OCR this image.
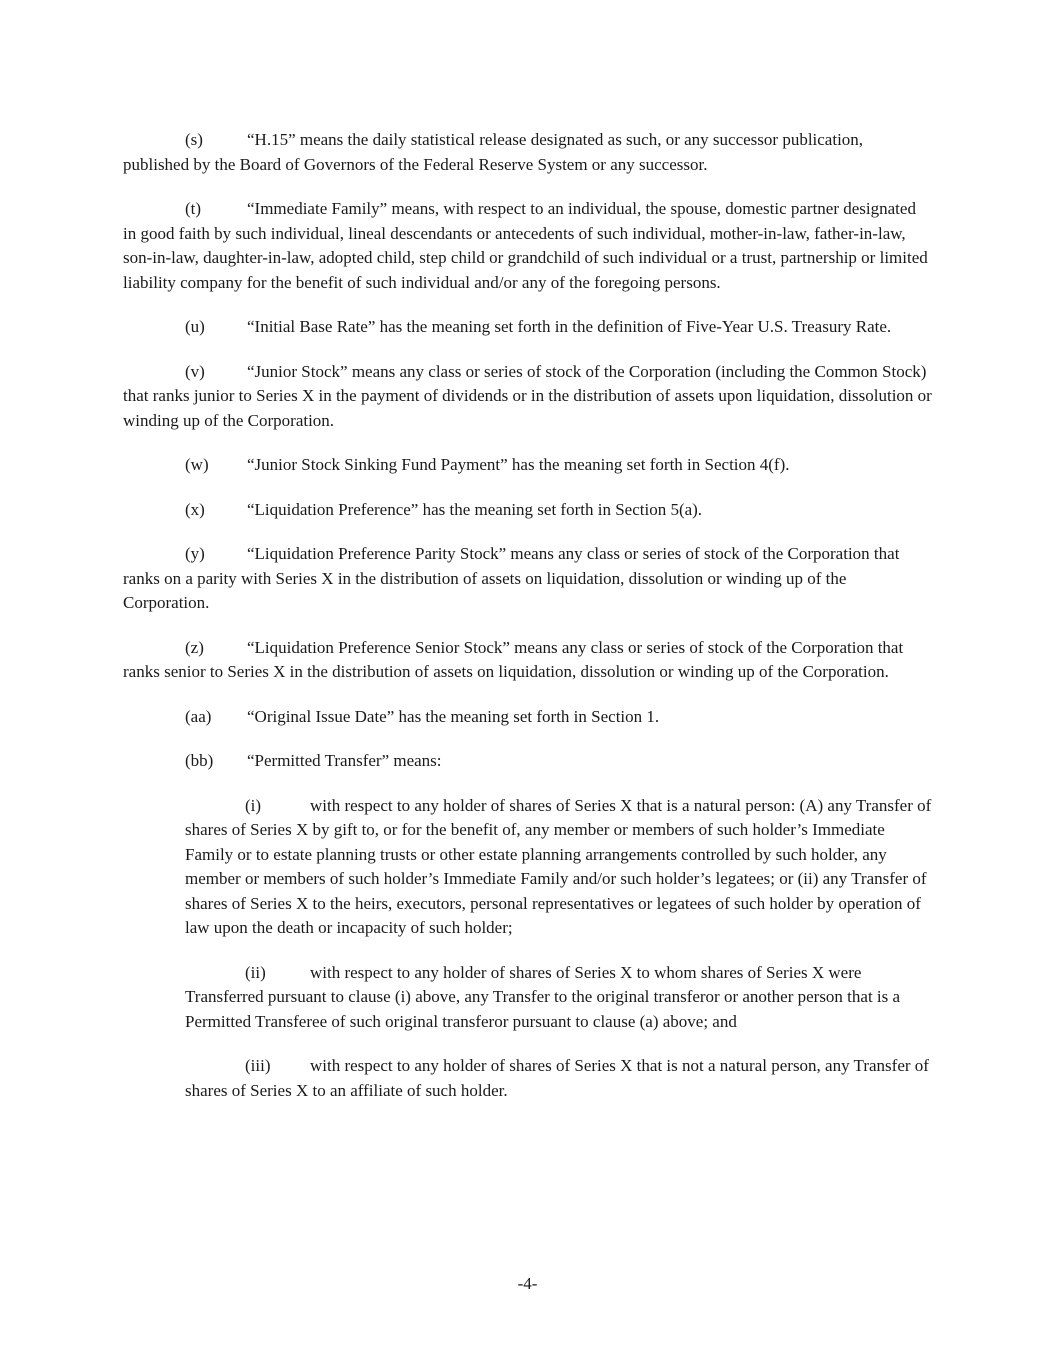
(s)	“H.15” means the daily statistical release designated as such, or any successor publication, published by the Board of Governors of the Federal Reserve System or any successor.

(t)	“Immediate Family” means, with respect to an individual, the spouse, domestic partner designated in good faith by such individual, lineal descendants or antecedents of such individual, mother-in-law, father-in-law, son-in-law, daughter-in-law, adopted child, step child or grandchild of such individual or a trust, partnership or limited liability company for the benefit of such individual and/or any of the foregoing persons.

(u) “Initial Base Rate” has the meaning set forth in the definition of Five-Year U.S. Treasury Rate.

(v) “Junior Stock” means any class or series of stock of the Corporation (including the Common Stock) that ranks junior to Series X in the payment of dividends or in the distribution of assets upon liquidation, dissolution or winding up of the Corporation.

(w) “Junior Stock Sinking Fund Payment” has the meaning set forth in Section 4(f).

(x) “Liquidation Preference” has the meaning set forth in Section 5(a).

(y) “Liquidation Preference Parity Stock” means any class or series of stock of the Corporation that ranks on a parity with Series X in the distribution of assets on liquidation, dissolution or winding up of the Corporation.

(z)	“Liquidation Preference Senior Stock” means any class or series of stock of the Corporation that ranks senior to Series X in the distribution of assets on liquidation, dissolution or winding up of the Corporation.

(aa) “Original Issue Date” has the meaning set forth in Section 1.

(bb) “Permitted Transfer” means:

(i)	with respect to any holder of shares of Series X that is a natural person: (A) any Transfer of shares of Series X by gift to, or for the benefit of, any member or members of such holder’s Immediate Family or to estate planning trusts or other estate planning arrangements controlled by such holder, any member or members of such holder’s Immediate Family and/or such holder’s legatees; or (ii) any Transfer of shares of Series X to the heirs, executors, personal representatives or legatees of such holder by operation of law upon the death or incapacity of such holder;

(ii)	with respect to any holder of shares of Series X to whom shares of Series X were Transferred pursuant to clause (i) above, any Transfer to the original transferor or another person that is a Permitted Transferee of such original transferor pursuant to clause (a) above; and

(iii) with respect to any holder of shares of Series X that is not a natural person, any Transfer of shares of Series X to an affiliate of such holder.

-4-
